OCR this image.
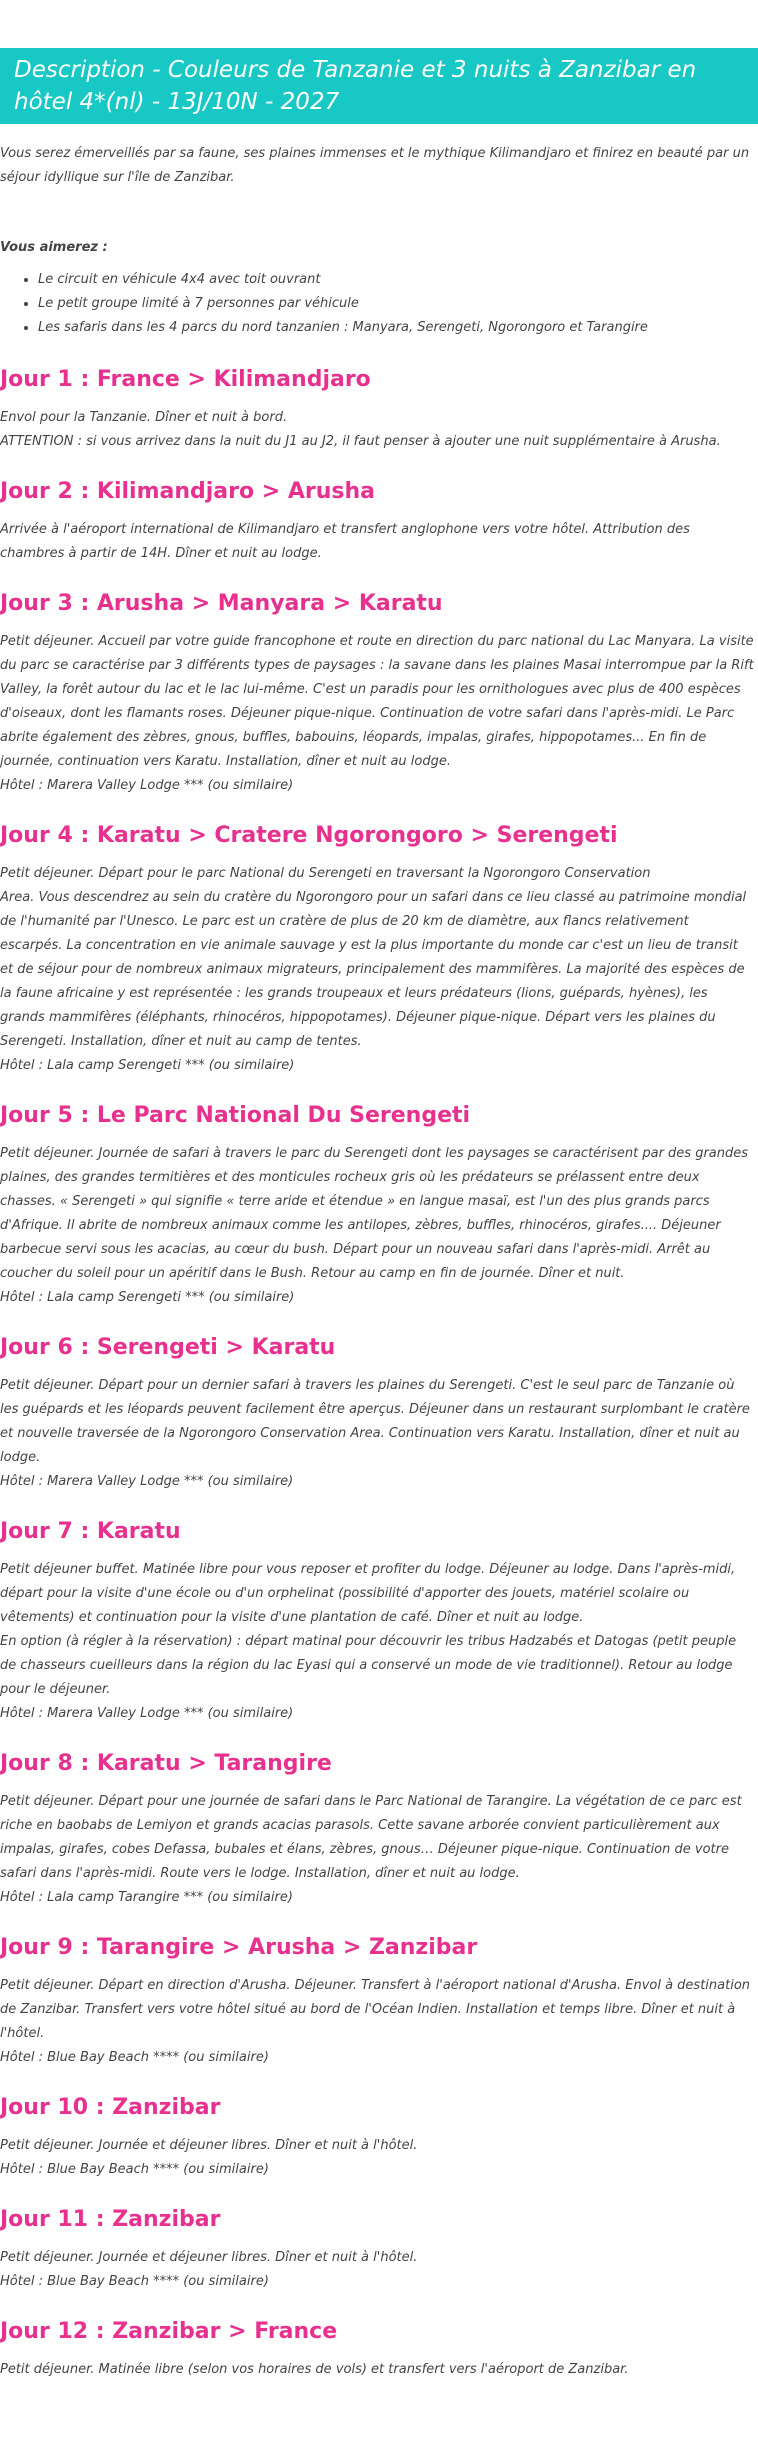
Description - Couleurs de Tanzanie et 3 nuits à Zanzibar en hôtel 4*(nl) - 13J/10N - 2027

Vous serez émerveillés par sa faune, ses plaines immenses et le mythique Kilimandjaro et finirez en beauté par un séjour idyllique sur l'île de Zanzibar.

Vous aimerez :

• Le circuit en véhicule 4x4 avec toit ouvrant
• Le petit groupe limité à 7 personnes par véhicule
• Les safaris dans les 4 parcs du nord tanzanien : Manyara, Serengeti, Ngorongoro et Tarangire
Jour 1 : France > Kilimandjaro

Envol pour la Tanzanie. Dîner et nuit à bord.
ATTENTION : si vous arrivez dans la nuit du J1 au J2, il faut penser à ajouter une nuit supplémentaire à Arusha.

Jour 2 : Kilimandjaro > Arusha

Arrivée à l'aéroport international de Kilimandjaro et transfert anglophone vers votre hôtel. Attribution des chambres à partir de 14H. Dîner et nuit au lodge.

Jour 3 : Arusha > Manyara > Karatu

Petit déjeuner. Accueil par votre guide francophone et route en direction du parc national du Lac Manyara. La visite du parc se caractérise par 3 différents types de paysages : la savane dans les plaines Masai interrompue par la Rift Valley, la forêt autour du lac et le lac lui-même. C'est un paradis pour les ornithologues avec plus de 400 espèces d'oiseaux, dont les flamants roses. Déjeuner pique-nique. Continuation de votre safari dans l'après-midi. Le Parc abrite également des zèbres, gnous, buffles, babouins, léopards, impalas, girafes, hippopotames... En fin de journée, continuation vers Karatu. Installation, dîner et nuit au lodge.
Hôtel : Marera Valley Lodge *** (ou similaire)

Jour 4 : Karatu > Cratere Ngorongoro > Serengeti

Petit déjeuner. Départ pour le parc National du Serengeti en traversant la Ngorongoro Conservation
Area. Vous descendrez au sein du cratère du Ngorongoro pour un safari dans ce lieu classé au patrimoine mondial de l'humanité par l'Unesco. Le parc est un cratère de plus de 20 km de diamètre, aux flancs relativement escarpés. La concentration en vie animale sauvage y est la plus importante du monde car c'est un lieu de transit et de séjour pour de nombreux animaux migrateurs, principalement des mammifères. La majorité des espèces de la faune africaine y est représentée : les grands troupeaux et leurs prédateurs (lions, guépards, hyènes), les grands mammifères (éléphants, rhinocéros, hippopotames). Déjeuner pique-nique. Départ vers les plaines du Serengeti. Installation, dîner et nuit au camp de tentes.
Hôtel : Lala camp Serengeti *** (ou similaire)

Jour 5 : Le Parc National Du Serengeti

Petit déjeuner. Journée de safari à travers le parc du Serengeti dont les paysages se caractérisent par des grandes plaines, des grandes termitières et des monticules rocheux gris où les prédateurs se prélassent entre deux chasses. « Serengeti » qui signifie « terre aride et étendue » en langue masaï, est l'un des plus grands parcs d'Afrique. Il abrite de nombreux animaux comme les antilopes, zèbres, buffles, rhinocéros, girafes.... Déjeuner barbecue servi sous les acacias, au cœur du bush. Départ pour un nouveau safari dans l'après-midi. Arrêt au coucher du soleil pour un apéritif dans le Bush. Retour au camp en fin de journée. Dîner et nuit.
Hôtel : Lala camp Serengeti *** (ou similaire)

Jour 6 : Serengeti > Karatu

Petit déjeuner. Départ pour un dernier safari à travers les plaines du Serengeti. C'est le seul parc de Tanzanie où les guépards et les léopards peuvent facilement être aperçus. Déjeuner dans un restaurant surplombant le cratère et nouvelle traversée de la Ngorongoro Conservation Area. Continuation vers Karatu. Installation, dîner et nuit au lodge.
Hôtel : Marera Valley Lodge *** (ou similaire)

Jour 7 : Karatu

Petit déjeuner buffet. Matinée libre pour vous reposer et profiter du lodge. Déjeuner au lodge. Dans l'après-midi, départ pour la visite d'une école ou d'un orphelinat (possibilité d'apporter des jouets, matériel scolaire ou vêtements) et continuation pour la visite d'une plantation de café. Dîner et nuit au lodge.
En option (à régler à la réservation) : départ matinal pour découvrir les tribus Hadzabés et Datogas (petit peuple de chasseurs cueilleurs dans la région du lac Eyasi qui a conservé un mode de vie traditionnel). Retour au lodge pour le déjeuner.
Hôtel : Marera Valley Lodge *** (ou similaire)

Jour 8 : Karatu > Tarangire

Petit déjeuner. Départ pour une journée de safari dans le Parc National de Tarangire. La végétation de ce parc est riche en baobabs de Lemiyon et grands acacias parasols. Cette savane arborée convient particulièrement aux impalas, girafes, cobes Defassa, bubales et élans, zèbres, gnous… Déjeuner pique-nique. Continuation de votre safari dans l'après-midi. Route vers le lodge. Installation, dîner et nuit au lodge.
Hôtel : Lala camp Tarangire *** (ou similaire)

Jour 9 : Tarangire > Arusha > Zanzibar

Petit déjeuner. Départ en direction d'Arusha. Déjeuner. Transfert à l'aéroport national d'Arusha. Envol à destination de Zanzibar. Transfert vers votre hôtel situé au bord de l'Océan Indien. Installation et temps libre. Dîner et nuit à l'hôtel.
Hôtel : Blue Bay Beach **** (ou similaire)

Jour 10 : Zanzibar

Petit déjeuner. Journée et déjeuner libres. Dîner et nuit à l'hôtel.
Hôtel : Blue Bay Beach **** (ou similaire)

Jour 11 : Zanzibar

Petit déjeuner. Journée et déjeuner libres. Dîner et nuit à l'hôtel.
Hôtel : Blue Bay Beach **** (ou similaire)

Jour 12 : Zanzibar > France

Petit déjeuner. Matinée libre (selon vos horaires de vols) et transfert vers l'aéroport de Zanzibar.
